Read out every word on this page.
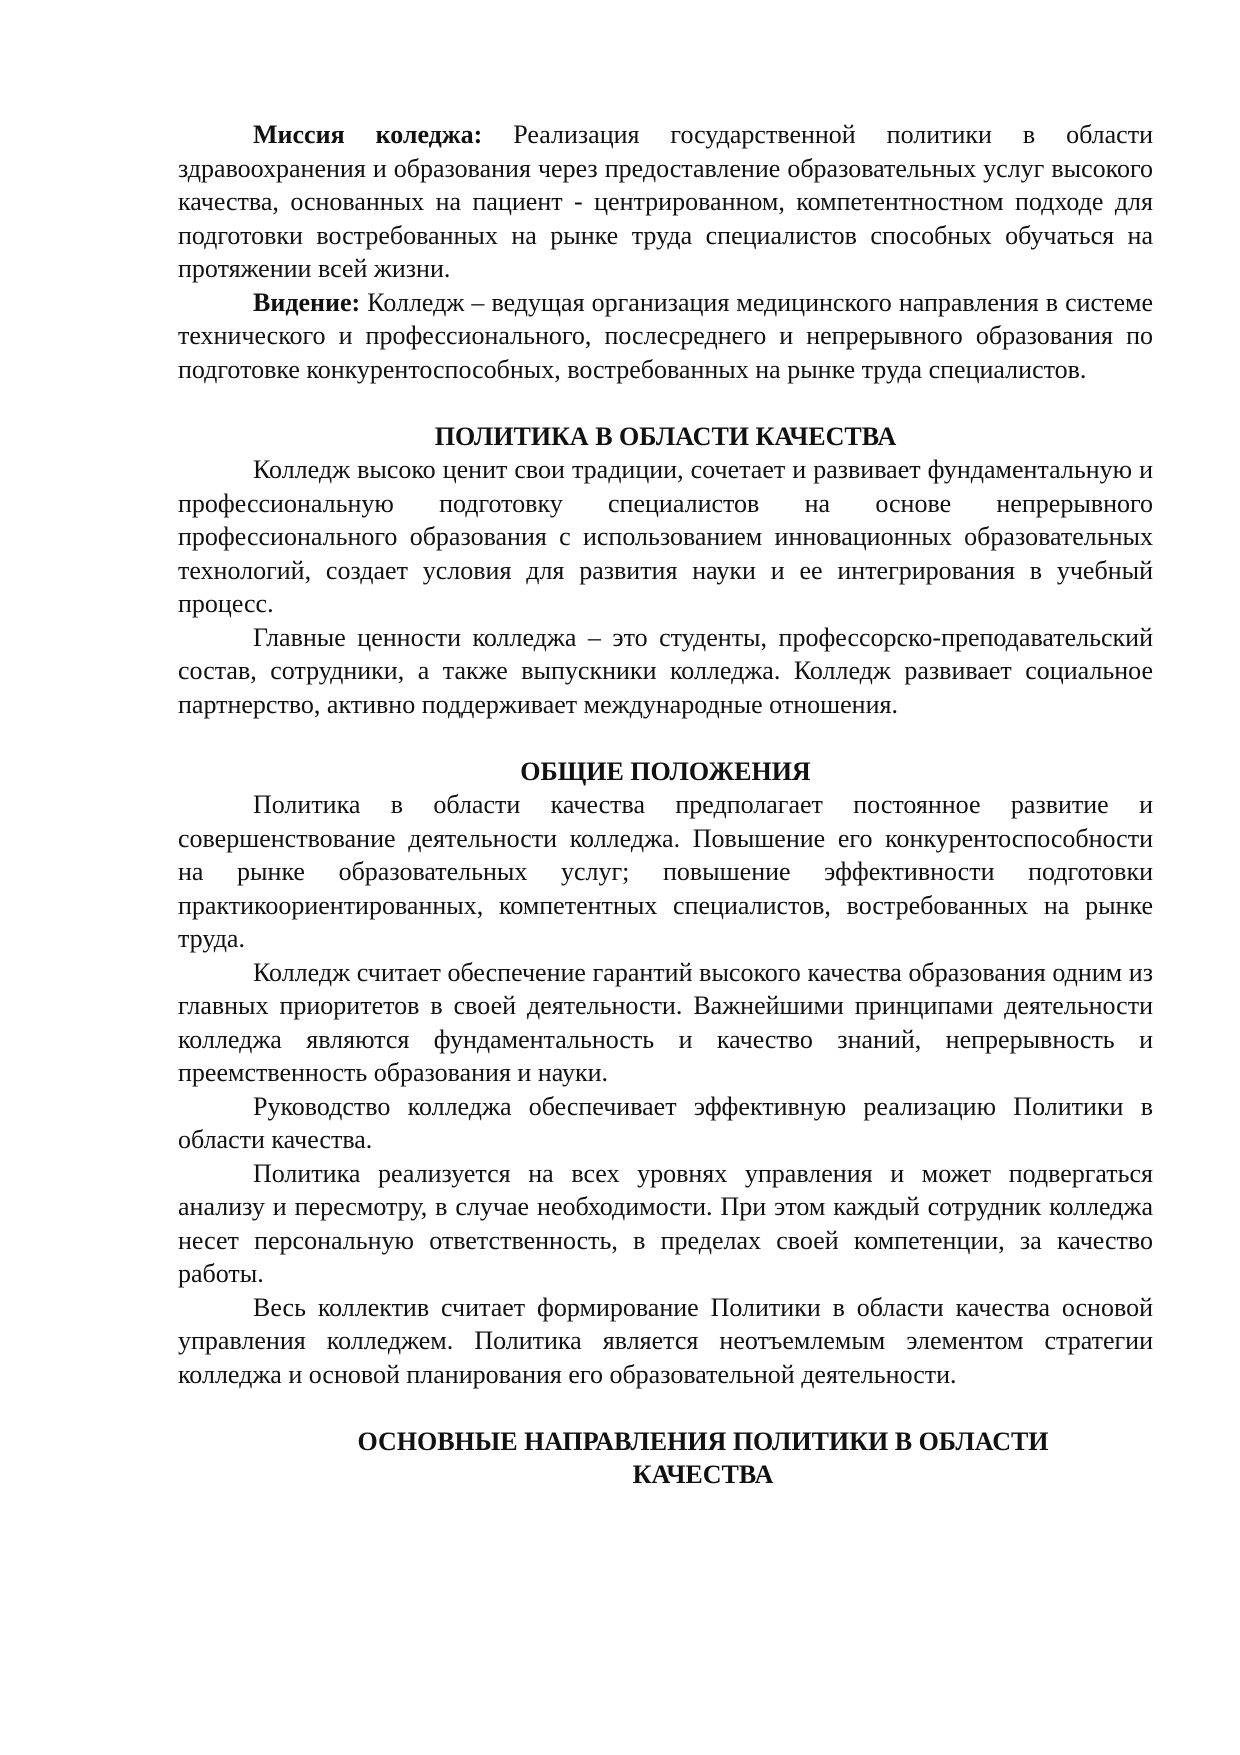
Миссия коледжа: Реализация государственной политики в области здравоохранения и образования через предоставление образовательных услуг высокого качества, основанных на пациент - центрированном, компетентностном подходе для подготовки востребованных на рынке труда специалистов способных обучаться на протяжении всей жизни.

Видение: Колледж – ведущая организация медицинского направления в системе технического и профессионального, послесреднего и непрерывного образования по подготовке конкурентоспособных, востребованных на рынке труда специалистов.

ПОЛИТИКА В ОБЛАСТИ КАЧЕСТВА

Колледж высоко ценит свои традиции, сочетает и развивает фундаментальную и профессиональную подготовку специалистов на основе непрерывного профессионального образования с использованием инновационных образовательных технологий, создает условия для развития науки и ее интегрирования в учебный процесс.

Главные ценности колледжа – это студенты, профессорско-преподавательский состав, сотрудники, а также выпускники колледжа. Колледж развивает социальное партнерство, активно поддерживает международные отношения.

ОБЩИЕ ПОЛОЖЕНИЯ

Политика в области качества предполагает постоянное развитие и совершенствование деятельности колледжа. Повышение его конкурентоспособности на рынке образовательных услуг; повышение эффективности подготовки практикоориентированных, компетентных специалистов, востребованных на рынке труда.

Колледж считает обеспечение гарантий высокого качества образования одним из главных приоритетов в своей деятельности. Важнейшими принципами деятельности колледжа являются фундаментальность и качество знаний, непрерывность и преемственность образования и науки.

Руководство колледжа обеспечивает эффективную реализацию Политики в области качества.

Политика реализуется на всех уровнях управления и может подвергаться анализу и пересмотру, в случае необходимости. При этом каждый сотрудник колледжа несет персональную ответственность, в пределах своей компетенции, за качество работы.

Весь коллектив считает формирование Политики в области качества основой управления колледжем. Политика является неотъемлемым элементом стратегии колледжа и основой планирования его образовательной деятельности.

ОСНОВНЫЕ НАПРАВЛЕНИЯ ПОЛИТИКИ В ОБЛАСТИ
КАЧЕСТВА
